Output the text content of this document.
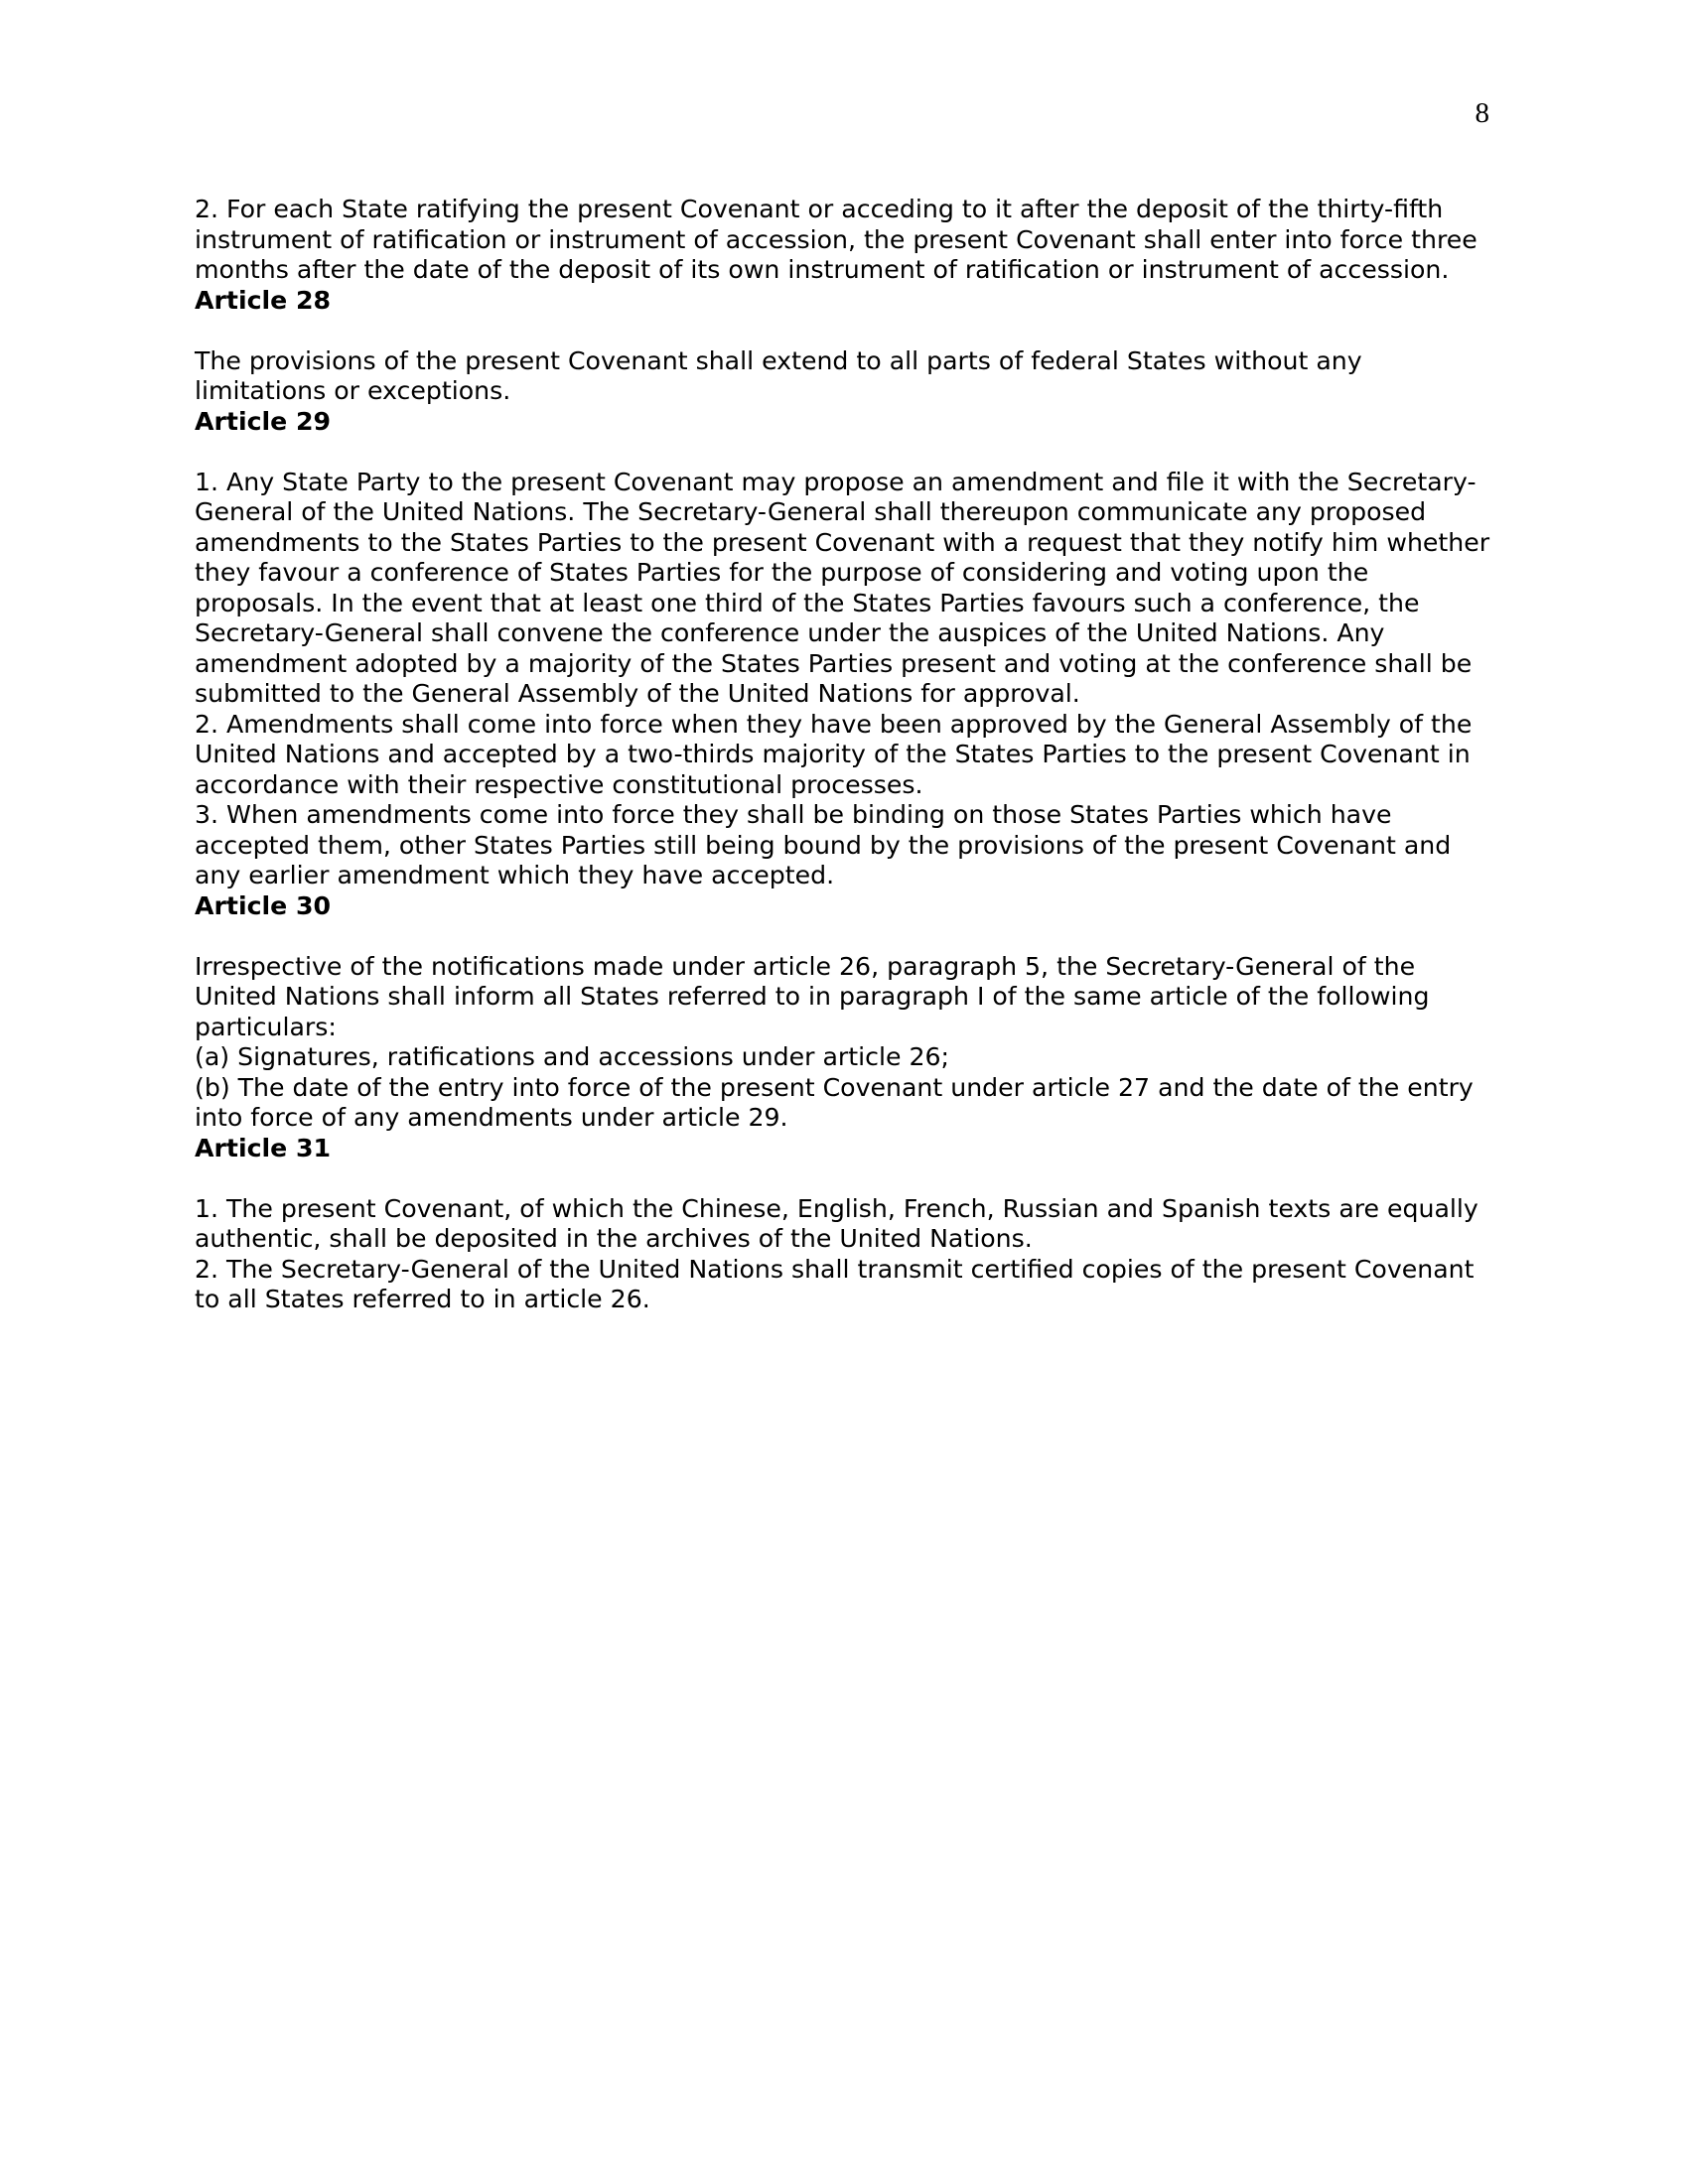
8
2. For each State ratifying the present Covenant or acceding to it after the deposit of the thirty-fifth
instrument of ratification or instrument of accession, the present Covenant shall enter into force three
months after the date of the deposit of its own instrument of ratification or instrument of accession.
Article 28
The provisions of the present Covenant shall extend to all parts of federal States without any
limitations or exceptions.
Article 29
1. Any State Party to the present Covenant may propose an amendment and file it with the Secretary-
General of the United Nations. The Secretary-General shall thereupon communicate any proposed
amendments to the States Parties to the present Covenant with a request that they notify him whether
they favour a conference of States Parties for the purpose of considering and voting upon the
proposals. In the event that at least one third of the States Parties favours such a conference, the
Secretary-General shall convene the conference under the auspices of the United Nations. Any
amendment adopted by a majority of the States Parties present and voting at the conference shall be
submitted to the General Assembly of the United Nations for approval.
2. Amendments shall come into force when they have been approved by the General Assembly of the
United Nations and accepted by a two-thirds majority of the States Parties to the present Covenant in
accordance with their respective constitutional processes.
3. When amendments come into force they shall be binding on those States Parties which have
accepted them, other States Parties still being bound by the provisions of the present Covenant and
any earlier amendment which they have accepted.
Article 30
Irrespective of the notifications made under article 26, paragraph 5, the Secretary-General of the
United Nations shall inform all States referred to in paragraph I of the same article of the following
particulars:
(a) Signatures, ratifications and accessions under article 26;
(b) The date of the entry into force of the present Covenant under article 27 and the date of the entry
into force of any amendments under article 29.
Article 31
1. The present Covenant, of which the Chinese, English, French, Russian and Spanish texts are equally
authentic, shall be deposited in the archives of the United Nations.
2. The Secretary-General of the United Nations shall transmit certified copies of the present Covenant
to all States referred to in article 26.
